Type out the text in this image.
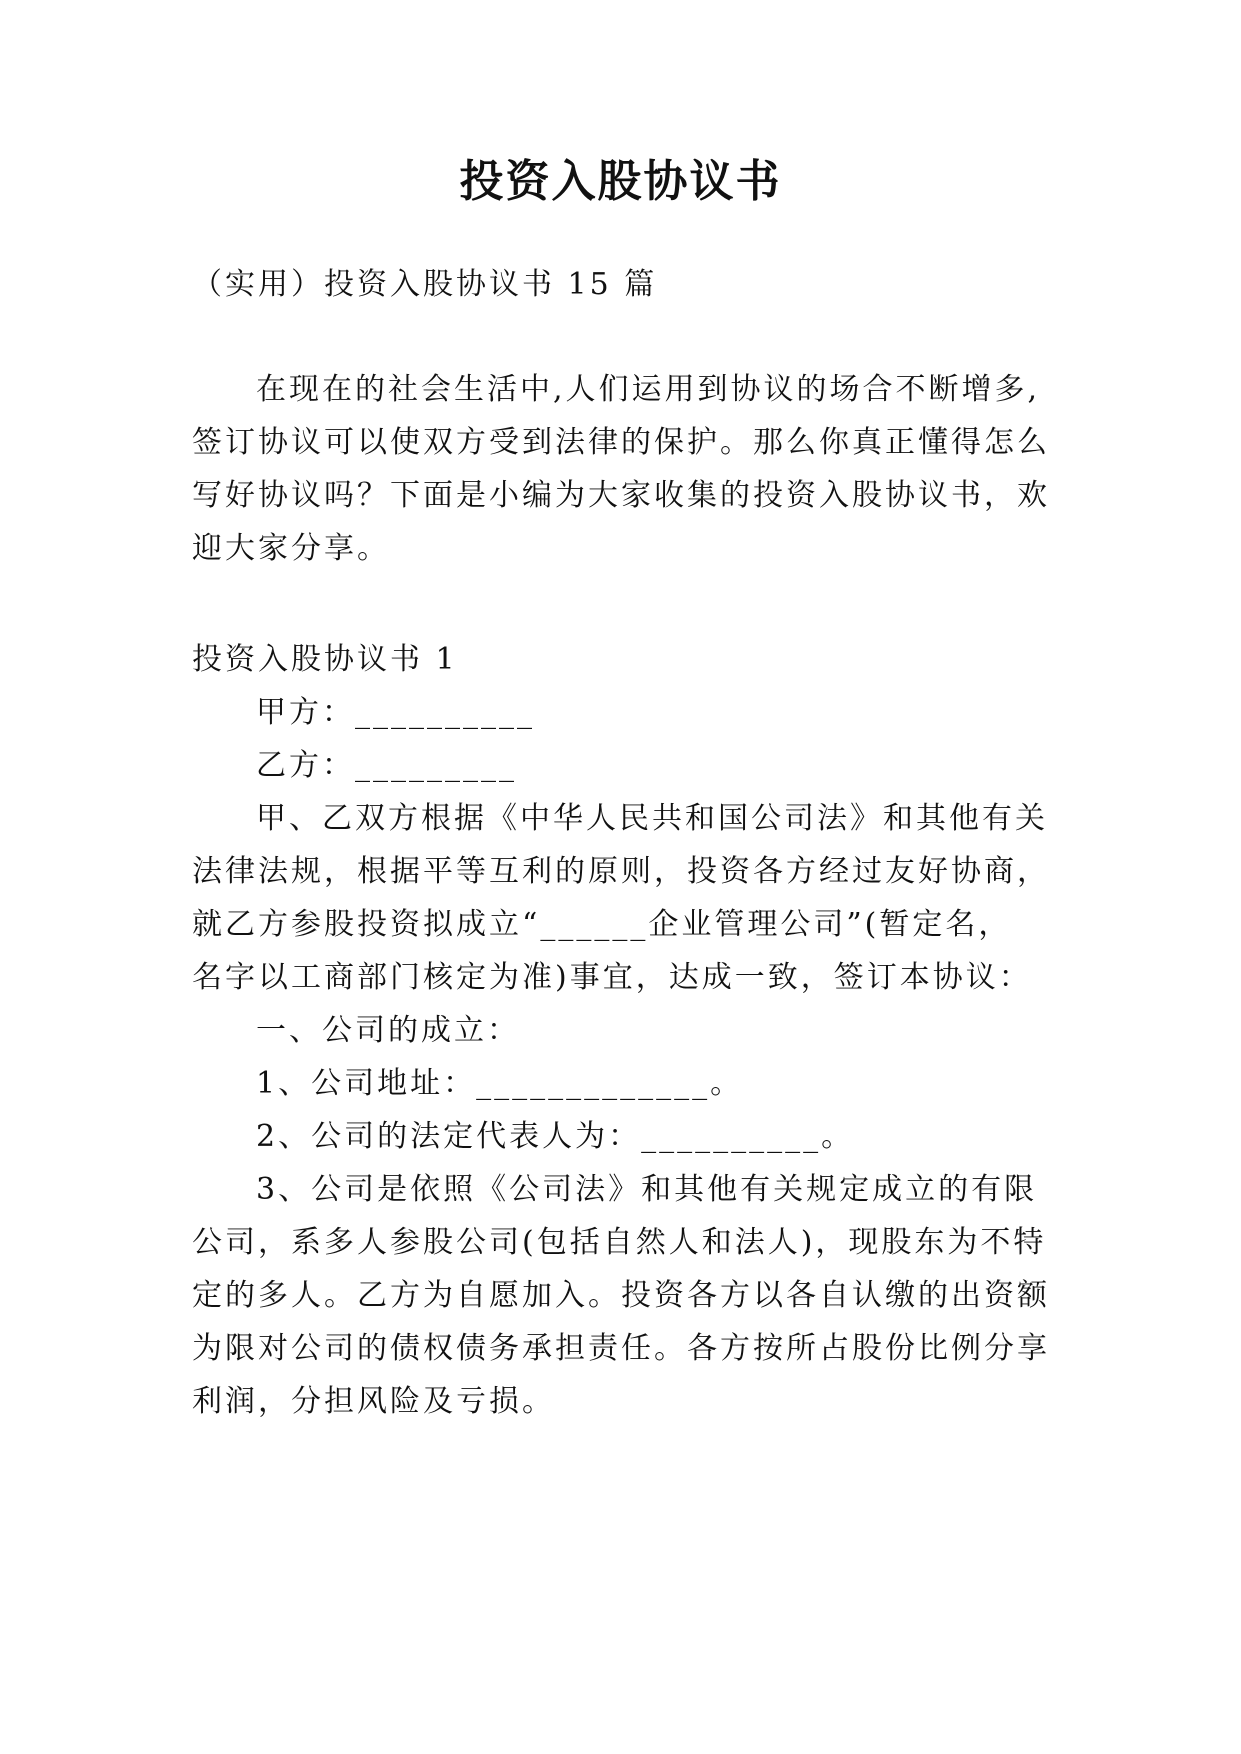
投资入股协议书
（实用）投资入股协议书 15 篇
在现在的社会生活中,人们运用到协议的场合不断增多,
签订协议可以使双方受到法律的保护。那么你真正懂得怎么
写好协议吗？下面是小编为大家收集的投资入股协议书，欢
迎大家分享。
投资入股协议书 1
甲方：__________
乙方：_________
甲、乙双方根据《中华人民共和国公司法》和其他有关
法律法规，根据平等互利的原则，投资各方经过友好协商，
就乙方参股投资拟成立“______企业管理公司”(暂定名，
名字以工商部门核定为准)事宜，达成一致，签订本协议：
一、公司的成立：
1、公司地址：_____________。
2、公司的法定代表人为：__________。
3、公司是依照《公司法》和其他有关规定成立的有限
公司，系多人参股公司(包括自然人和法人)，现股东为不特
定的多人。乙方为自愿加入。投资各方以各自认缴的出资额
为限对公司的债权债务承担责任。各方按所占股份比例分享
利润，分担风险及亏损。
